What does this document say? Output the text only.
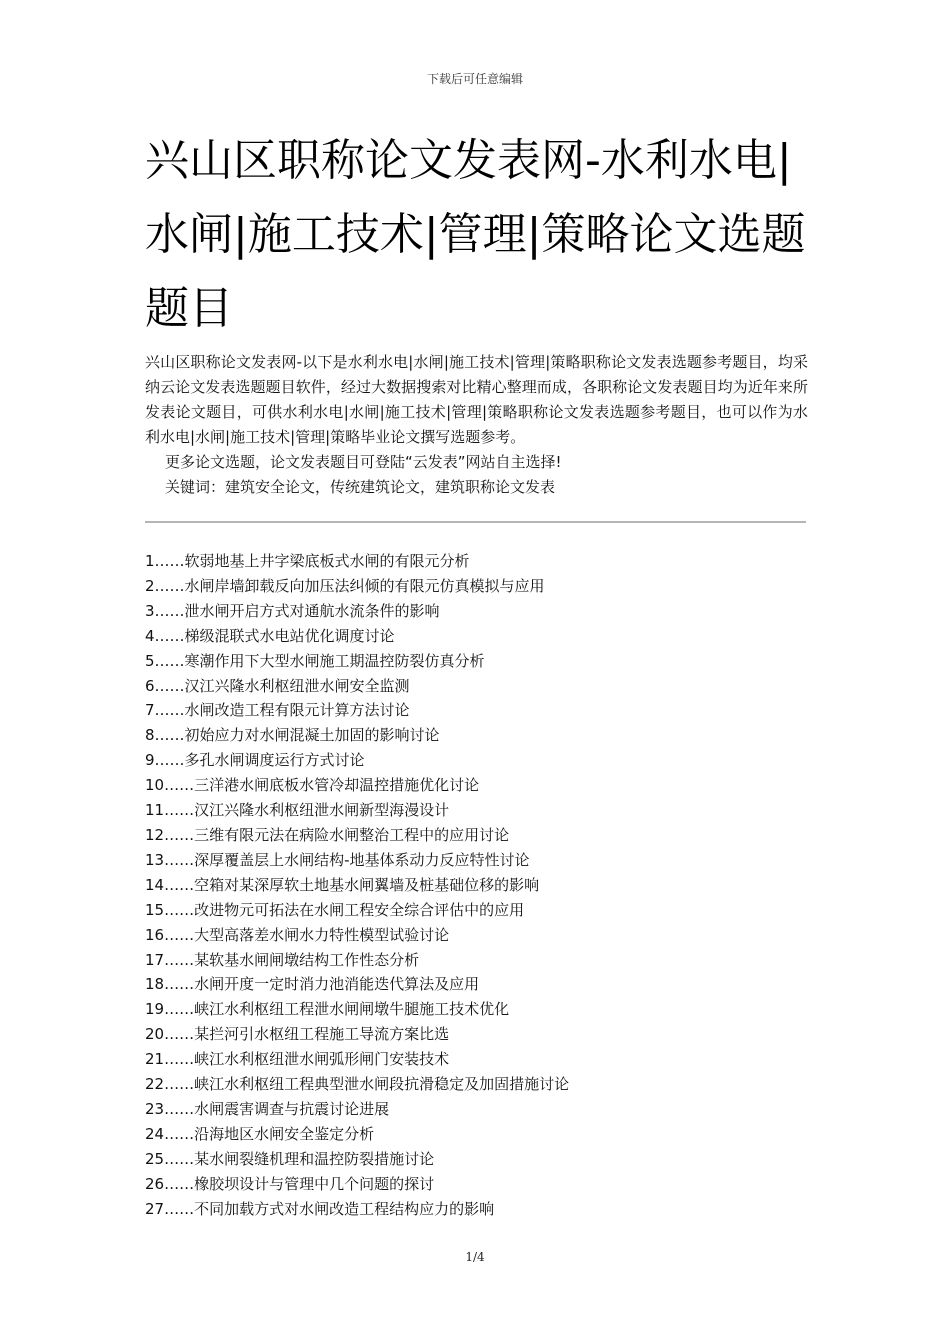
下载后可任意编辑
兴山区职称论文发表网-水利水电|水闸|施工技术|管理|策略论文选题题目

兴山区职称论文发表网-以下是水利水电|水闸|施工技术|管理|策略职称论文发表选题参考题目，均采纳云论文发表选题题目软件，经过大数据搜索对比精心整理而成，各职称论文发表题目均为近年来所发表论文题目，可供水利水电|水闸|施工技术|管理|策略职称论文发表选题参考题目，也可以作为水利水电|水闸|施工技术|管理|策略毕业论文撰写选题参考。

更多论文选题，论文发表题目可登陆“云发表”网站自主选择!

关键词：建筑安全论文，传统建筑论文，建筑职称论文发表

1……软弱地基上井字梁底板式水闸的有限元分析
2……水闸岸墙卸载反向加压法纠倾的有限元仿真模拟与应用
3……泄水闸开启方式对通航水流条件的影响
4……梯级混联式水电站优化调度讨论
5……寒潮作用下大型水闸施工期温控防裂仿真分析
6……汉江兴隆水利枢纽泄水闸安全监测
7……水闸改造工程有限元计算方法讨论
8……初始应力对水闸混凝土加固的影响讨论
9……多孔水闸调度运行方式讨论
10……三洋港水闸底板水管冷却温控措施优化讨论
11……汉江兴隆水利枢纽泄水闸新型海漫设计
12……三维有限元法在病险水闸整治工程中的应用讨论
13……深厚覆盖层上水闸结构-地基体系动力反应特性讨论
14……空箱对某深厚软土地基水闸翼墙及桩基础位移的影响
15……改进物元可拓法在水闸工程安全综合评估中的应用
16……大型高落差水闸水力特性模型试验讨论
17……某软基水闸闸墩结构工作性态分析
18……水闸开度一定时消力池消能迭代算法及应用
19……峡江水利枢纽工程泄水闸闸墩牛腿施工技术优化
20……某拦河引水枢纽工程施工导流方案比选
21……峡江水利枢纽泄水闸弧形闸门安装技术
22……峡江水利枢纽工程典型泄水闸段抗滑稳定及加固措施讨论
23……水闸震害调查与抗震讨论进展
24……沿海地区水闸安全鉴定分析
25……某水闸裂缝机理和温控防裂措施讨论
26……橡胶坝设计与管理中几个问题的探讨
27……不同加载方式对水闸改造工程结构应力的影响
1/4
